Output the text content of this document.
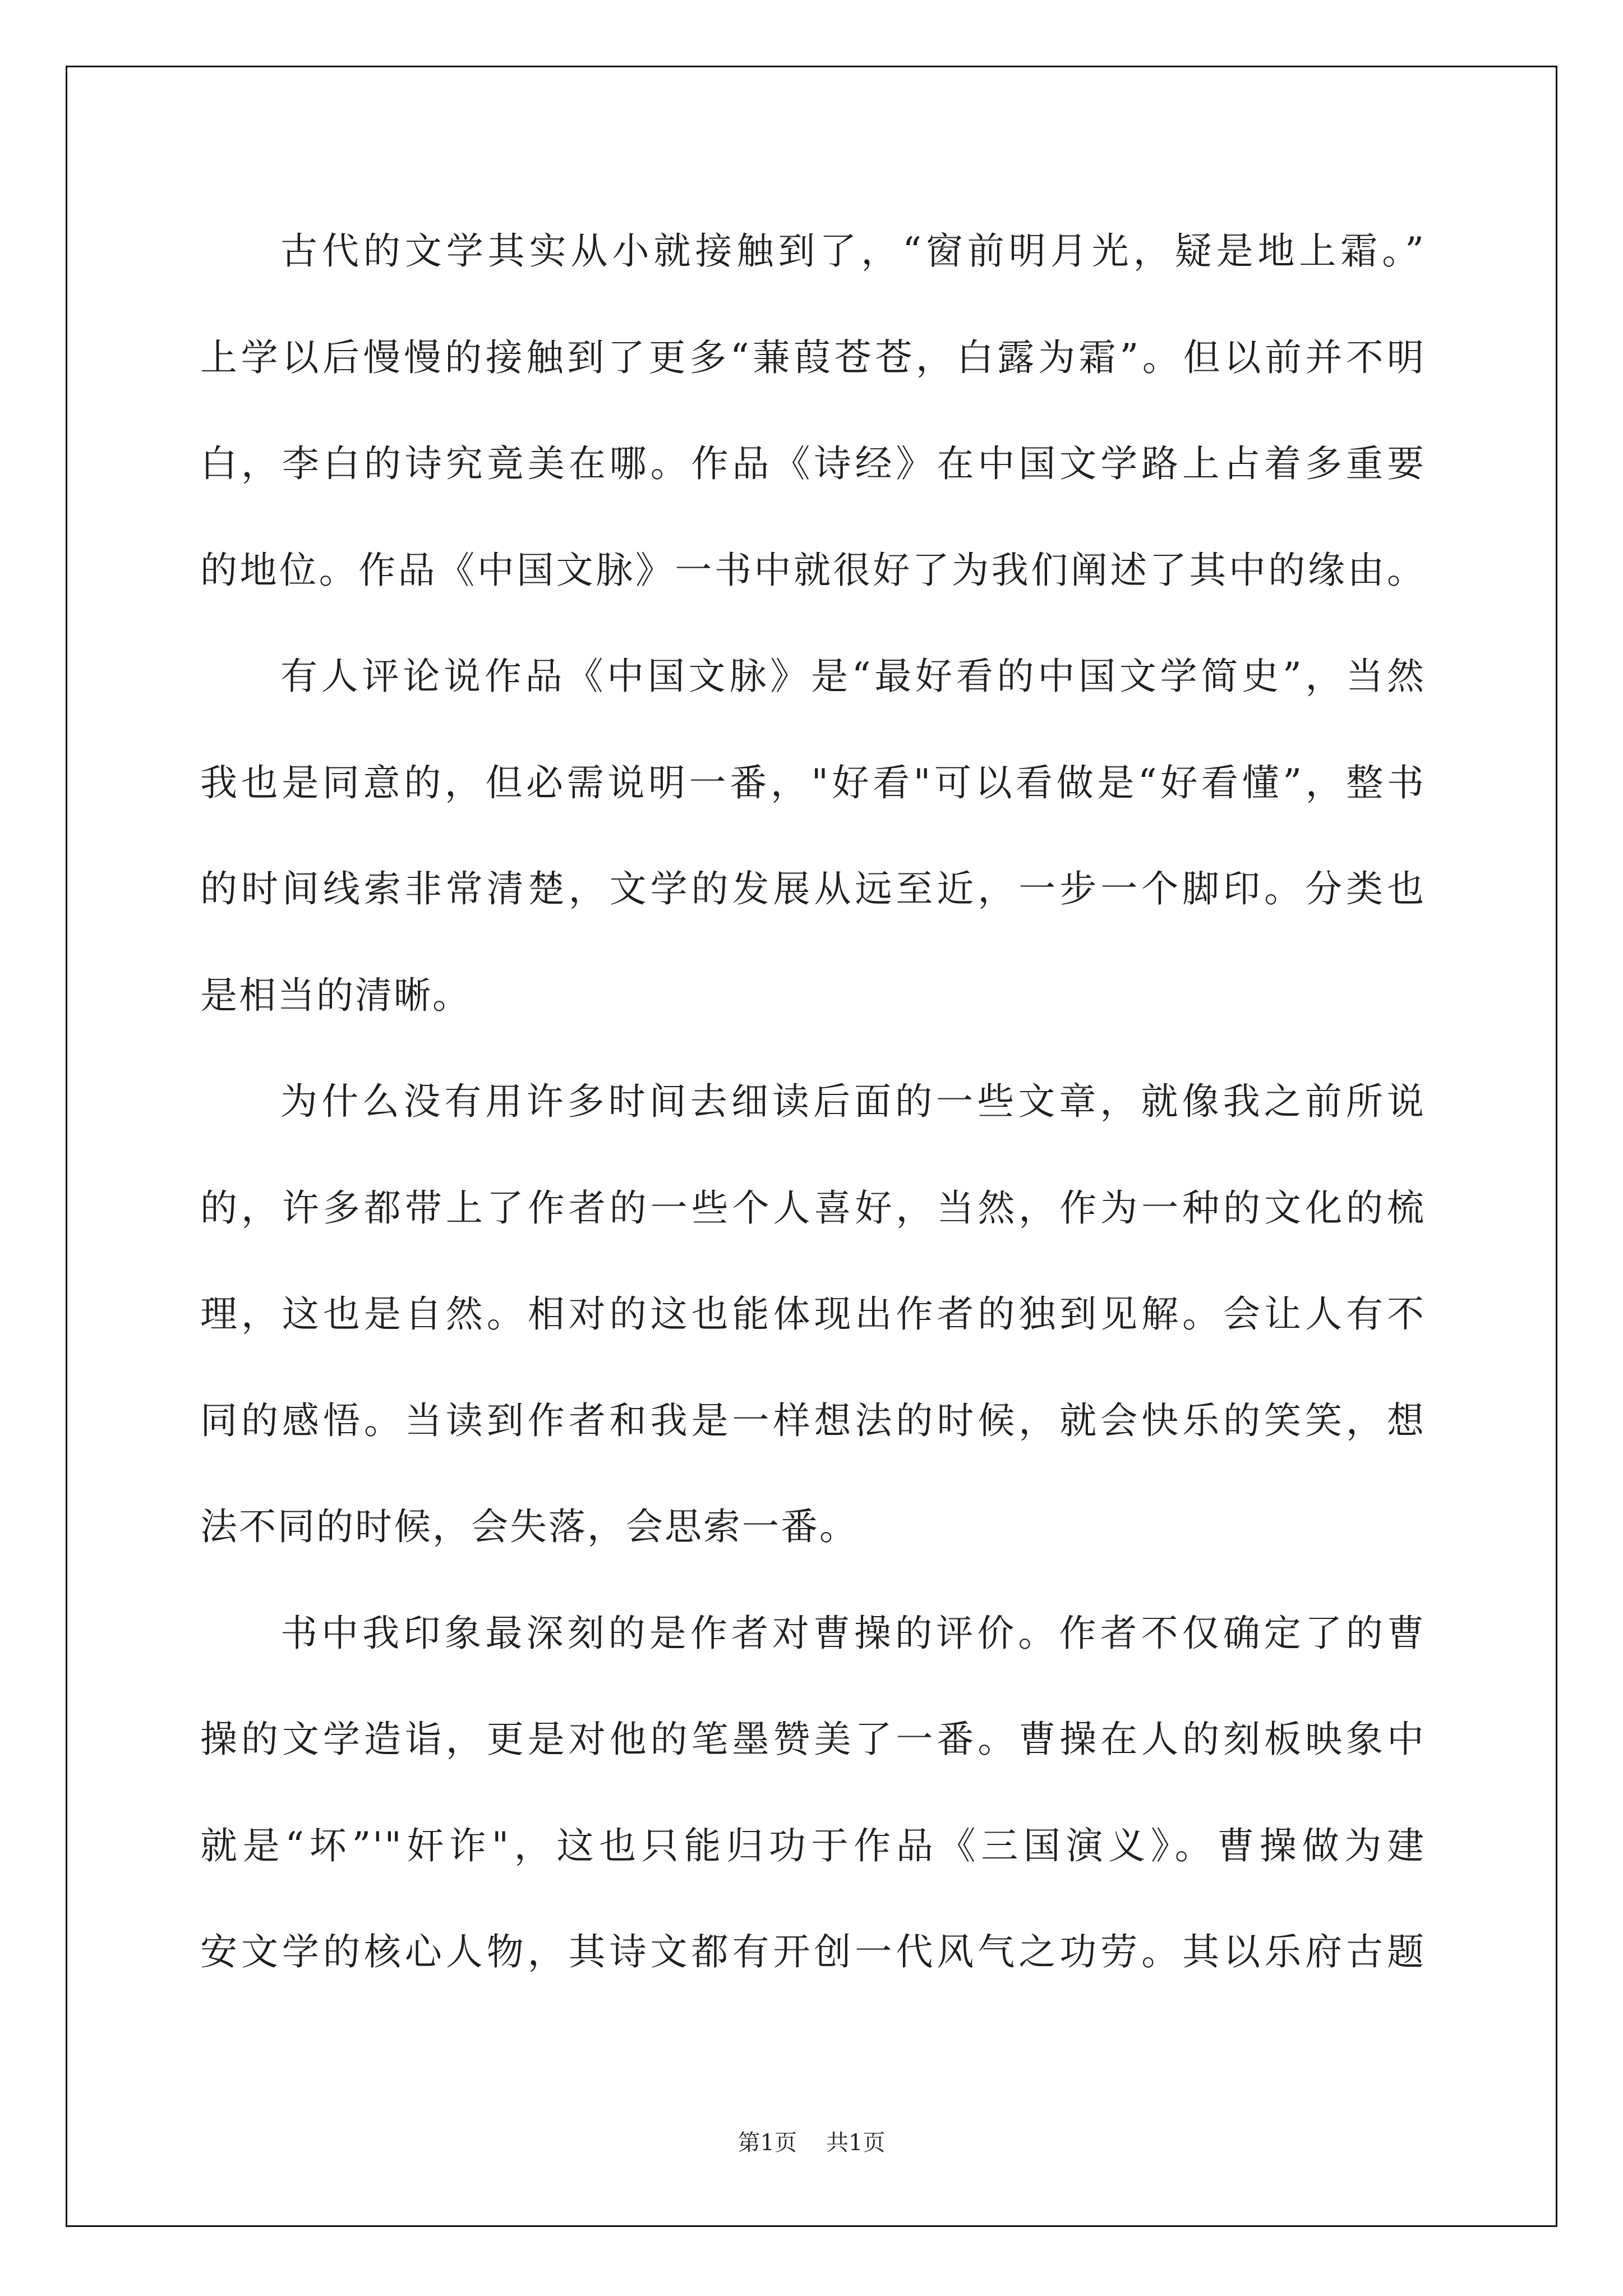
古代的文学其实从小就接触到了，“窗前明月光，疑是地上霜。”
上学以后慢慢的接触到了更多“蒹葭苍苍，白露为霜”。但以前并不明
白，李白的诗究竟美在哪。作品《诗经》在中国文学路上占着多重要
的地位。作品《中国文脉》一书中就很好了为我们阐述了其中的缘由。
有人评论说作品《中国文脉》是“最好看的中国文学简史”，当然
我也是同意的，但必需说明一番，"好看"可以看做是“好看懂”，整书
的时间线索非常清楚，文学的发展从远至近，一步一个脚印。分类也
是相当的清晰。
为什么没有用许多时间去细读后面的一些文章，就像我之前所说
的，许多都带上了作者的一些个人喜好，当然，作为一种的文化的梳
理，这也是自然。相对的这也能体现出作者的独到见解。会让人有不
同的感悟。当读到作者和我是一样想法的时候，就会快乐的笑笑，想
法不同的时候，会失落，会思索一番。
书中我印象最深刻的是作者对曹操的评价。作者不仅确定了的曹
操的文学造诣，更是对他的笔墨赞美了一番。曹操在人的刻板映象中
就是“坏”'"奸诈"，这也只能归功于作品《三国演义》。曹操做为建
安文学的核心人物，其诗文都有开创一代风气之功劳。其以乐府古题
第1页 共1页
